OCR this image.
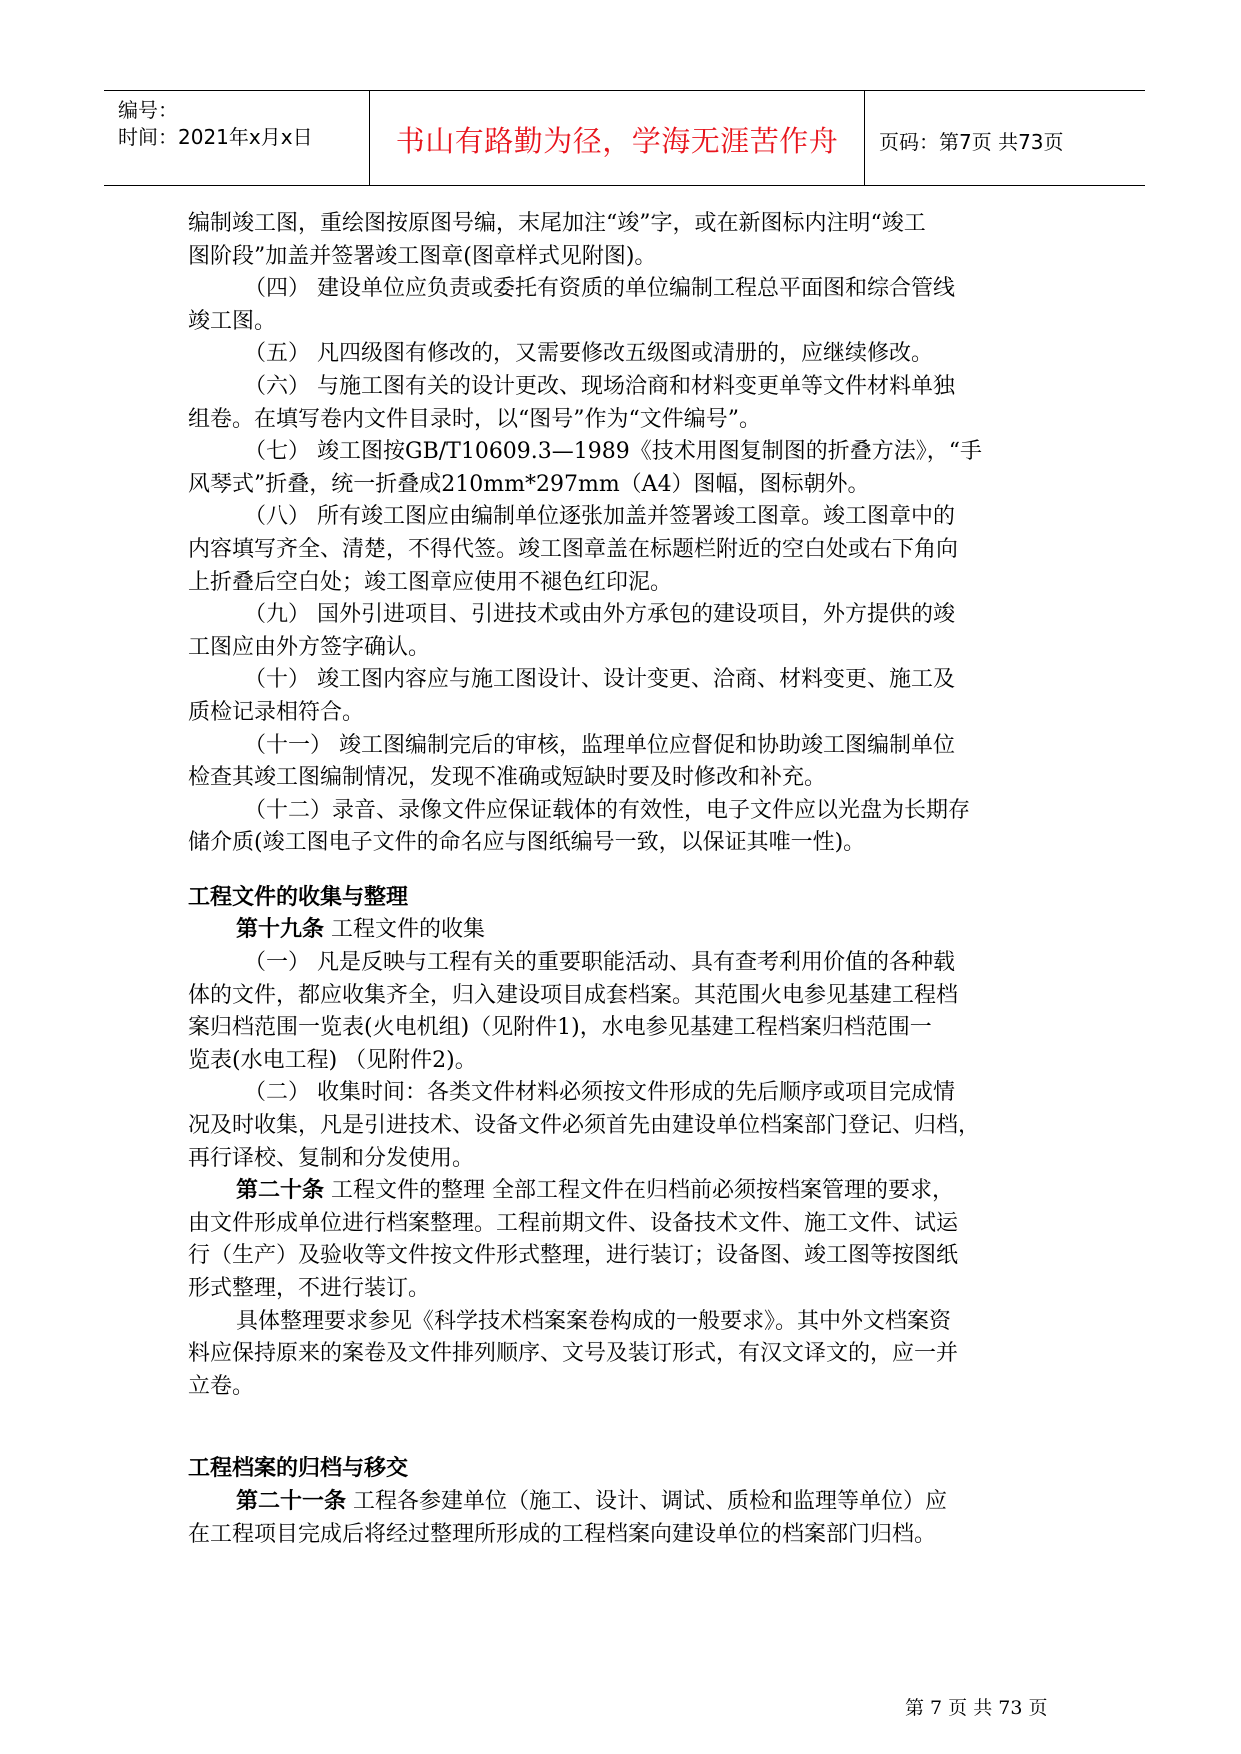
编号：
时间：2021年x月x日	书山有路勤为径，学海无涯苦作舟	页码：第7页 共73页
编制竣工图，重绘图按原图号编，末尾加注“竣”字，或在新图标内注明“竣工
图阶段”加盖并签署竣工图章(图章样式见附图)。
（四） 建设单位应负责或委托有资质的单位编制工程总平面图和综合管线
竣工图。
（五） 凡四级图有修改的，又需要修改五级图或清册的，应继续修改。
（六） 与施工图有关的设计更改、现场洽商和材料变更单等文件材料单独
组卷。在填写卷内文件目录时，以“图号”作为“文件编号”。
（七） 竣工图按GB/T10609.3—1989《技术用图复制图的折叠方法》，“手
风琴式”折叠，统一折叠成210mm*297mm（A4）图幅，图标朝外。
（八） 所有竣工图应由编制单位逐张加盖并签署竣工图章。竣工图章中的
内容填写齐全、清楚，不得代签。竣工图章盖在标题栏附近的空白处或右下角向
上折叠后空白处；竣工图章应使用不褪色红印泥。
（九） 国外引进项目、引进技术或由外方承包的建设项目，外方提供的竣
工图应由外方签字确认。
（十） 竣工图内容应与施工图设计、设计变更、洽商、材料变更、施工及
质检记录相符合。
（十一） 竣工图编制完后的审核，监理单位应督促和协助竣工图编制单位
检查其竣工图编制情况，发现不准确或短缺时要及时修改和补充。
（十二）录音、录像文件应保证载体的有效性，电子文件应以光盘为长期存
储介质(竣工图电子文件的命名应与图纸编号一致，以保证其唯一性)。
工程文件的收集与整理
第十九条 工程文件的收集
（一） 凡是反映与工程有关的重要职能活动、具有查考利用价值的各种载
体的文件，都应收集齐全，归入建设项目成套档案。其范围火电参见基建工程档
案归档范围一览表(火电机组)（见附件1)，水电参见基建工程档案归档范围一
览表(水电工程) （见附件2)。
（二） 收集时间：各类文件材料必须按文件形成的先后顺序或项目完成情
况及时收集，凡是引进技术、设备文件必须首先由建设单位档案部门登记、归档，
再行译校、复制和分发使用。
第二十条 工程文件的整理 全部工程文件在归档前必须按档案管理的要求，
由文件形成单位进行档案整理。工程前期文件、设备技术文件、施工文件、试运
行（生产）及验收等文件按文件形式整理，进行装订；设备图、竣工图等按图纸
形式整理，不进行装订。
具体整理要求参见《科学技术档案案卷构成的一般要求》。其中外文档案资
料应保持原来的案卷及文件排列顺序、文号及装订形式，有汉文译文的，应一并
立卷。
工程档案的归档与移交
第二十一条 工程各参建单位（施工、设计、调试、质检和监理等单位）应
在工程项目完成后将经过整理所形成的工程档案向建设单位的档案部门归档。
第 7 页 共 73 页
